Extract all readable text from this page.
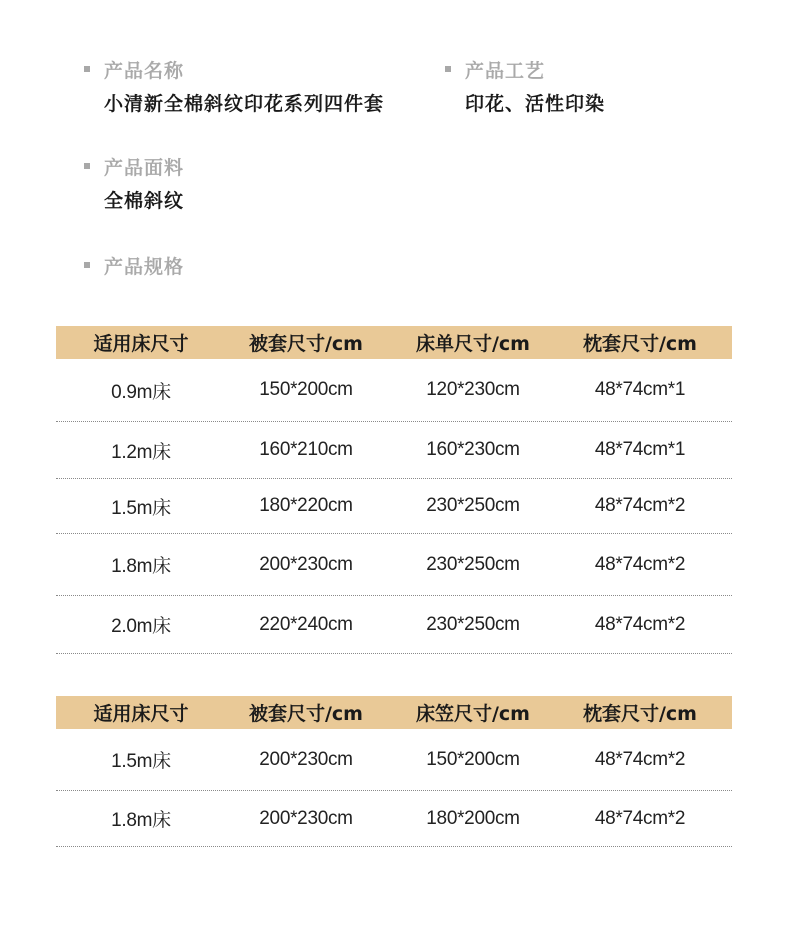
产品名称
小清新全棉斜纹印花系列四件套
产品工艺
印花、活性印染
产品面料
全棉斜纹
产品规格
适用床尺寸	被套尺寸/cm	床单尺寸/cm	枕套尺寸/cm
0.9m床	150*200cm	120*230cm	48*74cm*1
1.2m床	160*210cm	160*230cm	48*74cm*1
1.5m床	180*220cm	230*250cm	48*74cm*2
1.8m床	200*230cm	230*250cm	48*74cm*2
2.0m床	220*240cm	230*250cm	48*74cm*2
适用床尺寸	被套尺寸/cm	床笠尺寸/cm	枕套尺寸/cm
1.5m床	200*230cm	150*200cm	48*74cm*2
1.8m床	200*230cm	180*200cm	48*74cm*2
